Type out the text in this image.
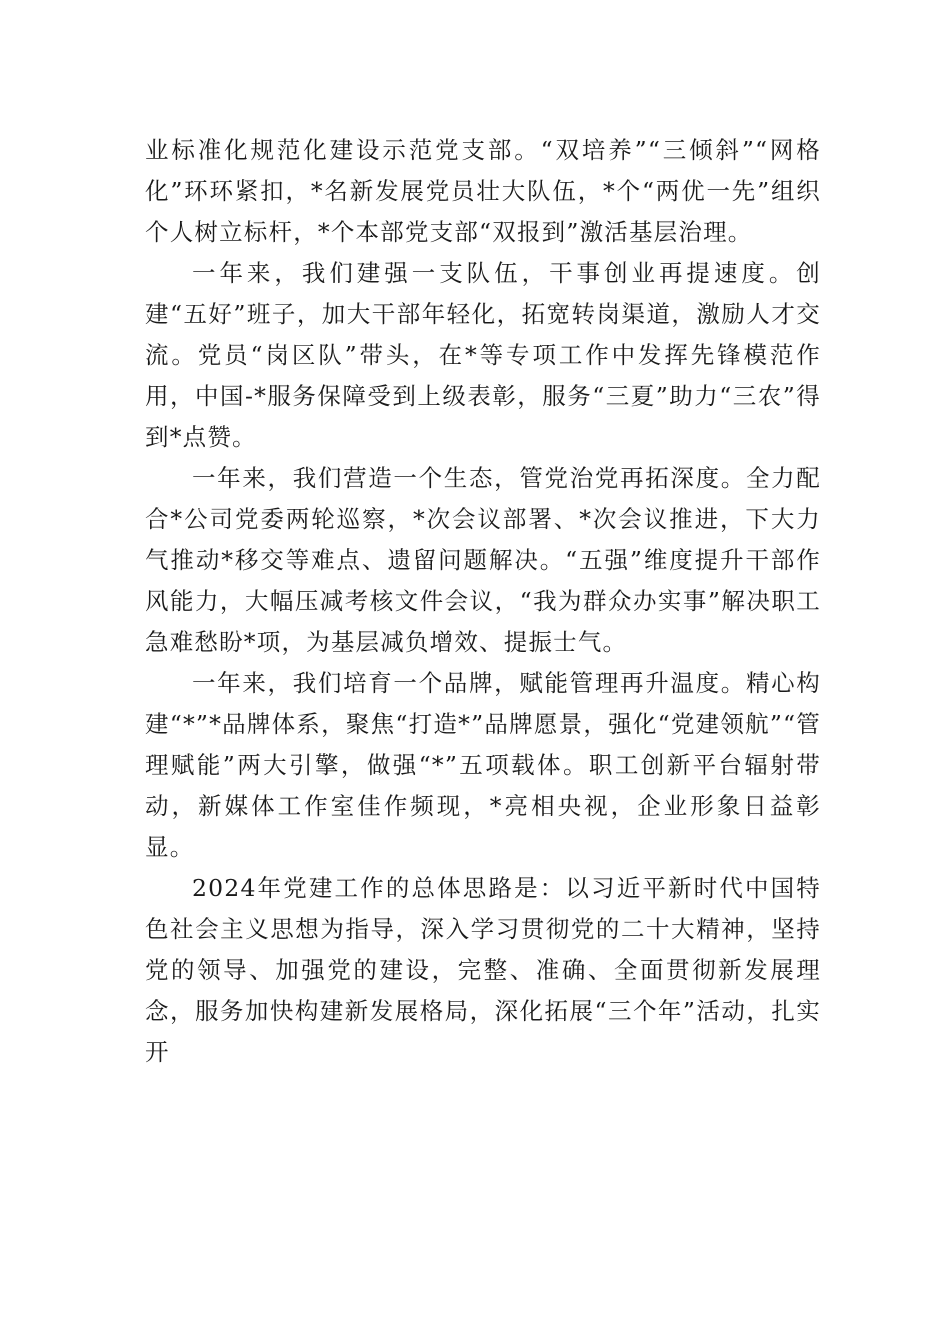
业标准化规范化建设示范党支部。“双培养”“三倾斜”“网格化”环环紧扣，*名新发展党员壮大队伍，*个“两优一先”组织个人树立标杆，*个本部党支部“双报到”激活基层治理。

一年来，我们建强一支队伍，干事创业再提速度。创建“五好”班子，加大干部年轻化，拓宽转岗渠道，激励人才交流。党员“岗区队”带头，在*等专项工作中发挥先锋模范作用，中国-*服务保障受到上级表彰，服务“三夏”助力“三农”得到*点赞。

一年来，我们营造一个生态，管党治党再拓深度。全力配合*公司党委两轮巡察，*次会议部署、*次会议推进，下大力气推动*移交等难点、遗留问题解决。“五强”维度提升干部作风能力，大幅压减考核文件会议，“我为群众办实事”解决职工急难愁盼*项，为基层减负增效、提振士气。

一年来，我们培育一个品牌，赋能管理再升温度。精心构建“*”*品牌体系，聚焦“打造*”品牌愿景，强化“党建领航”“管理赋能”两大引擎，做强“*”五项载体。职工创新平台辐射带动，新媒体工作室佳作频现，*亮相央视，企业形象日益彰显。

2024年党建工作的总体思路是：以习近平新时代中国特色社会主义思想为指导，深入学习贯彻党的二十大精神，坚持党的领导、加强党的建设，完整、准确、全面贯彻新发展理念，服务加快构建新发展格局，深化拓展“三个年”活动，扎实开
